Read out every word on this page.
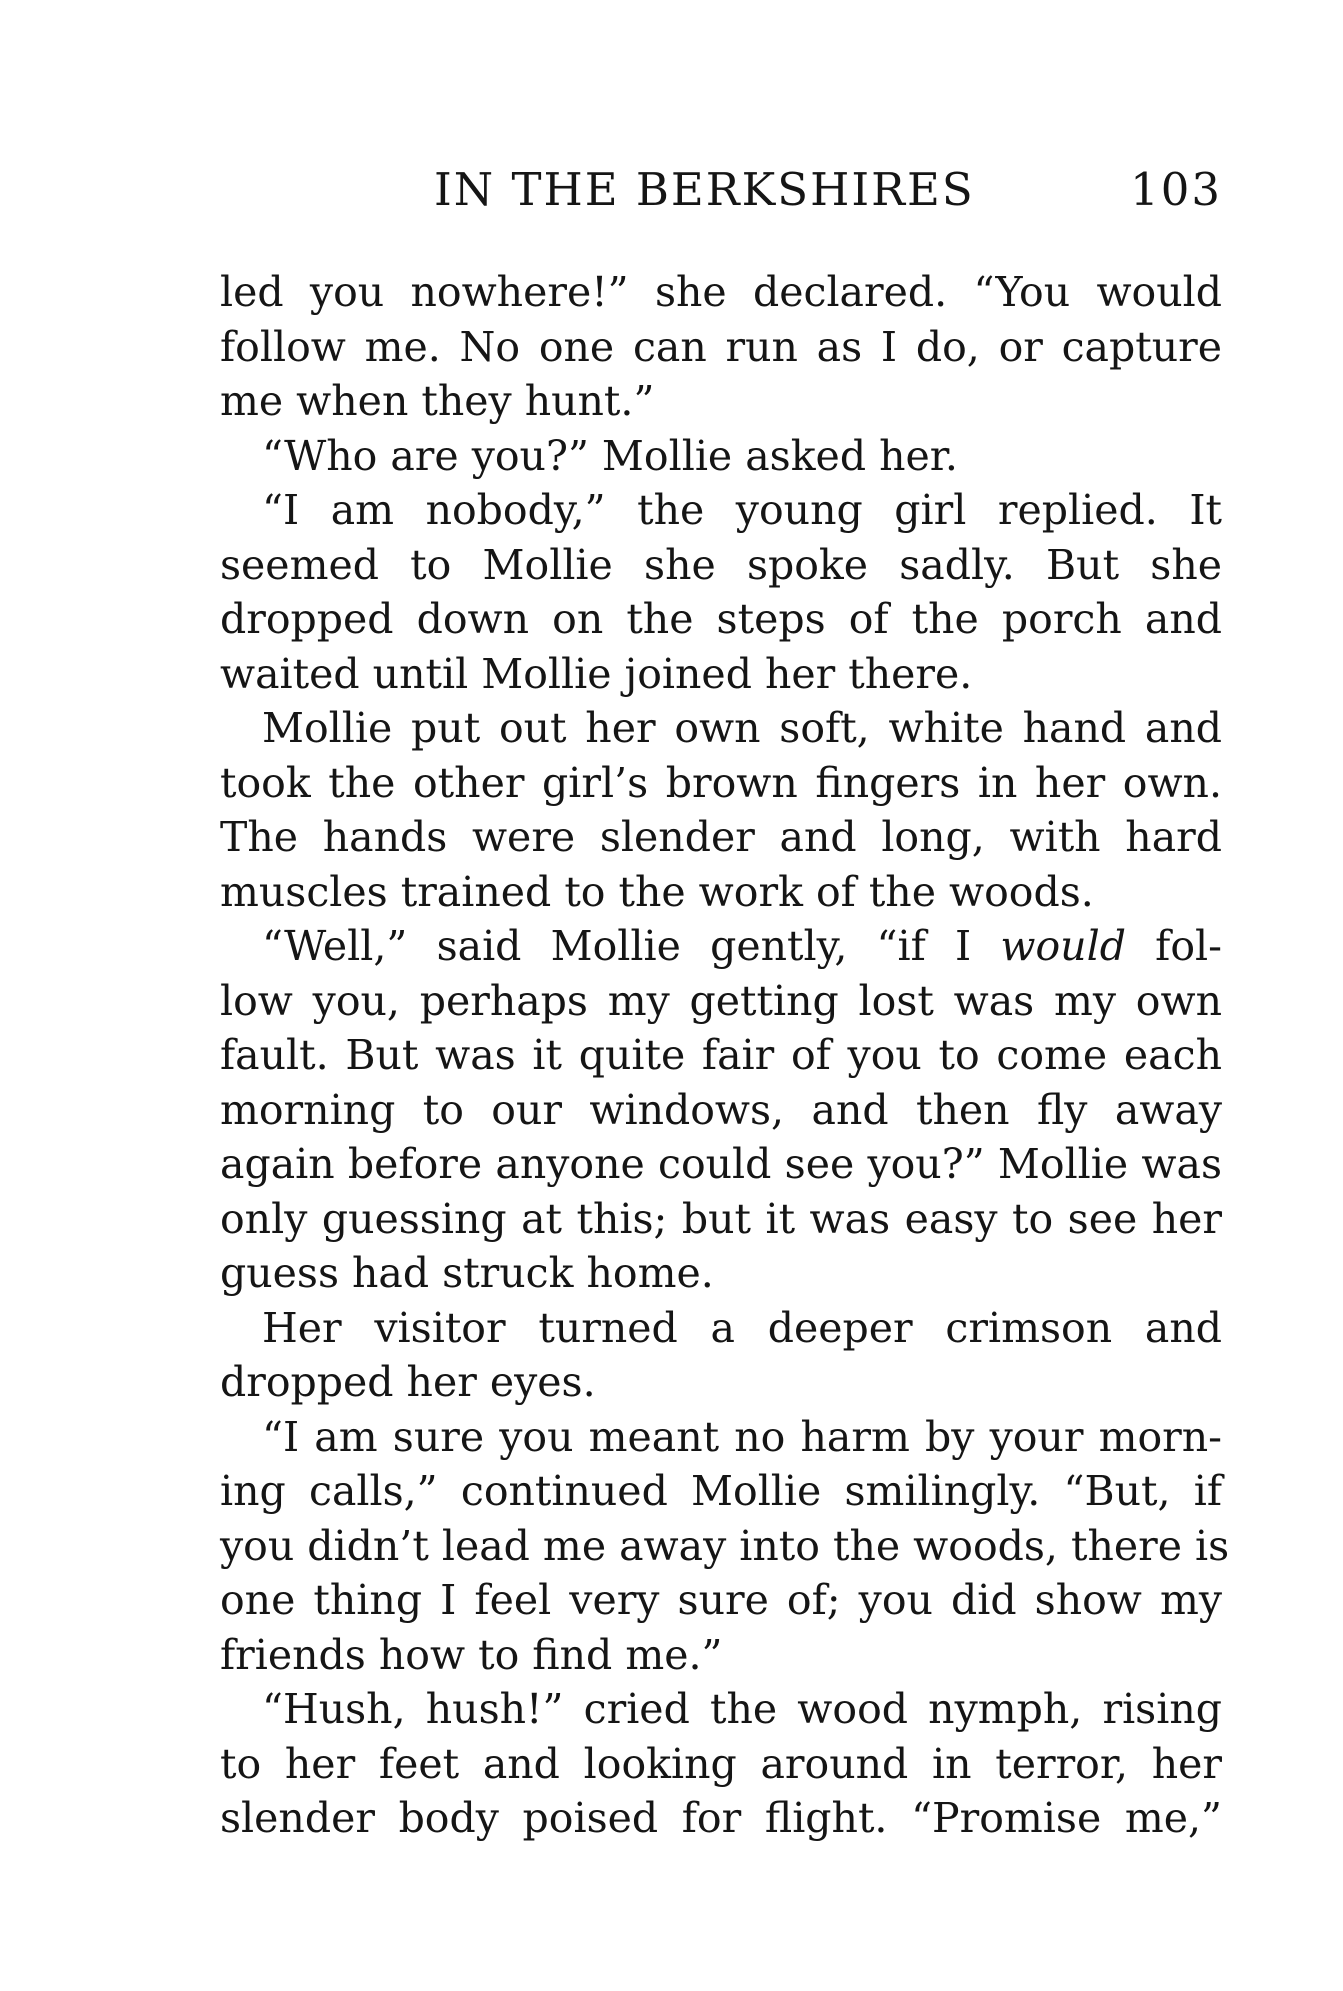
IN THE BERKSHIRES	103
led you nowhere!” she declared. “You would
follow me. No one can run as I do, or capture
me when they hunt.”
“Who are you?” Mollie asked her.
“I am nobody,” the young girl replied. It
seemed to Mollie she spoke sadly. But she
dropped down on the steps of the porch and
waited until Mollie joined her there.
Mollie put out her own soft, white hand and
took the other girl’s brown fingers in her own.
The hands were slender and long, with hard
muscles trained to the work of the woods.
“Well,” said Mollie gently, “if I would fol-
low you, perhaps my getting lost was my own
fault. But was it quite fair of you to come each
morning to our windows, and then fly away
again before anyone could see you?” Mollie was
only guessing at this; but it was easy to see her
guess had struck home.
Her visitor turned a deeper crimson and
dropped her eyes.
“I am sure you meant no harm by your morn-
ing calls,” continued Mollie smilingly. “But, if
you didn’t lead me away into the woods, there is
one thing I feel very sure of; you did show my
friends how to find me.”
“Hush, hush!” cried the wood nymph, rising
to her feet and looking around in terror, her
slender body poised for flight. “Promise me,”
